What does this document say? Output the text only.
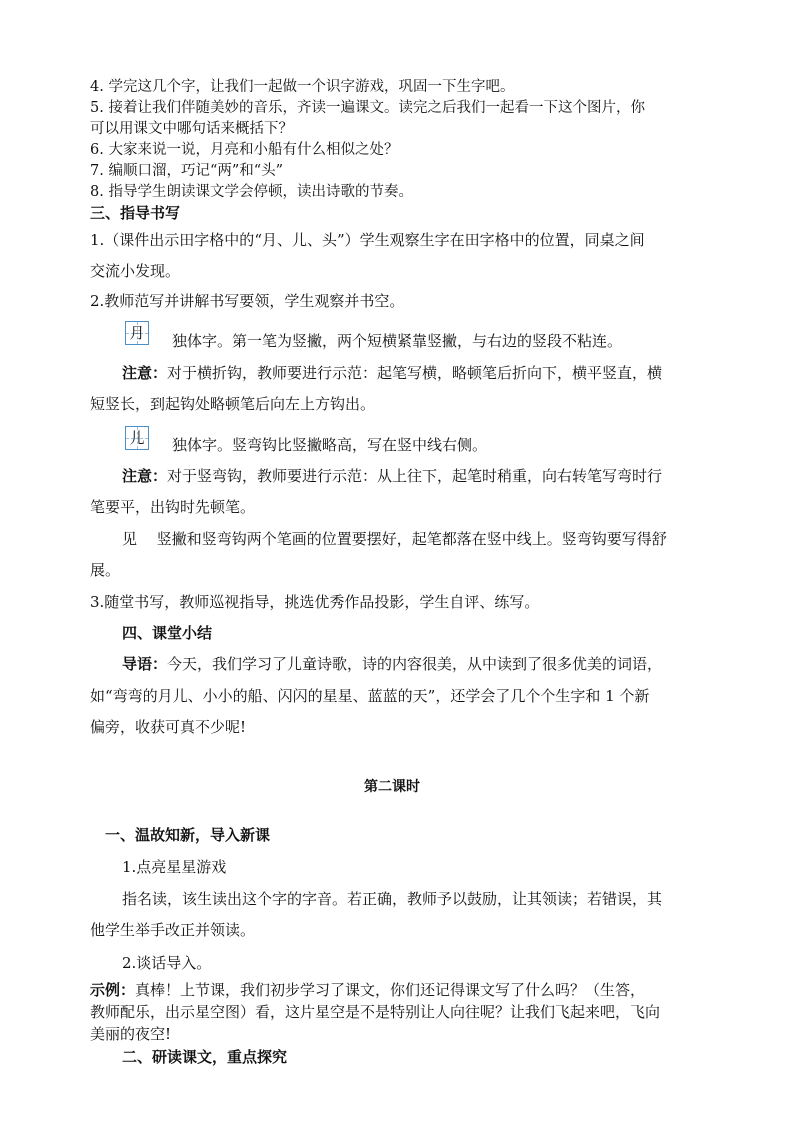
4. 学完这几个字，让我们一起做一个识字游戏，巩固一下生字吧。
5. 接着让我们伴随美妙的音乐，齐读一遍课文。读完之后我们一起看一下这个图片，你
可以用课文中哪句话来概括下？
6. 大家来说一说，月亮和小船有什么相似之处？
7. 编顺口溜，巧记“两”和“头”
8. 指导学生朗读课文学会停顿，读出诗歌的节奏。
三、指导书写
1.（课件出示田字格中的“月、儿、头”）学生观察生字在田字格中的位置，同桌之间
交流小发现。
2.教师范写并讲解书写要领，学生观察并书空。
月	独体字。第一笔为竖撇，两个短横紧靠竖撇，与右边的竖段不粘连。
注意：对于横折钩，教师要进行示范：起笔写横，略顿笔后折向下，横平竖直，横
短竖长，到起钩处略顿笔后向左上方钩出。
儿	独体字。竖弯钩比竖撇略高，写在竖中线右侧。
注意：对于竖弯钩，教师要进行示范：从上往下，起笔时稍重，向右转笔写弯时行
笔要平，出钩时先顿笔。
见　 竖撇和竖弯钩两个笔画的位置要摆好，起笔都落在竖中线上。竖弯钩要写得舒
展。
3.随堂书写，教师巡视指导，挑选优秀作品投影，学生自评、练写。
四、课堂小结
导语：今天，我们学习了儿童诗歌，诗的内容很美，从中读到了很多优美的词语，
如“弯弯的月儿、小小的船、闪闪的星星、蓝蓝的天”，还学会了几个个生字和 1 个新
偏旁，收获可真不少呢!
第二课时
一、温故知新，导入新课
1.点亮星星游戏
指名读，该生读出这个字的字音。若正确，教师予以鼓励，让其领读；若错误，其
他学生举手改正并领读。
2.谈话导入。
示例：真棒！上节课，我们初步学习了课文，你们还记得课文写了什么吗？（生答，
教师配乐，出示星空图）看，这片星空是不是特别让人向往呢？让我们飞起来吧，飞向
美丽的夜空!
二、研读课文，重点探究
